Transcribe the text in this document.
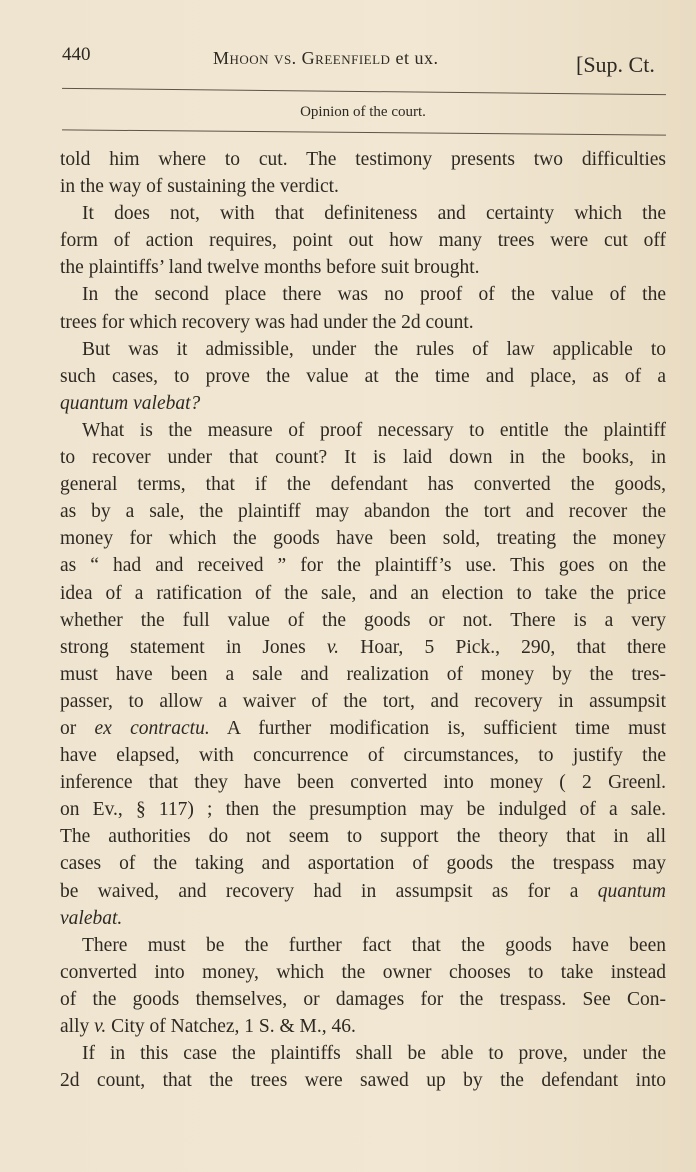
440	Mhoon vs. Greenfield et ux.	[Sup. Ct.
Opinion of the court.
told him where to cut. The testimony presents two difficulties
in the way of sustaining the verdict.
It does not, with that definiteness and certainty which the
form of action requires, point out how many trees were cut off
the plaintiffs’ land twelve months before suit brought.
In the second place there was no proof of the value of the
trees for which recovery was had under the 2d count.
But was it admissible, under the rules of law applicable to
such cases, to prove the value at the time and place, as of a
quantum valebat?
What is the measure of proof necessary to entitle the plaintiff
to recover under that count? It is laid down in the books, in
general terms, that if the defendant has converted the goods,
as by a sale, the plaintiff may abandon the tort and recover the
money for which the goods have been sold, treating the money
as “ had and received ” for the plaintiff’s use. This goes on the
idea of a ratification of the sale, and an election to take the price
whether the full value of the goods or not. There is a very
strong statement in Jones v. Hoar, 5 Pick., 290, that there
must have been a sale and realization of money by the tres-
passer, to allow a waiver of the tort, and recovery in assumpsit
or ex contractu. A further modification is, sufficient time must
have elapsed, with concurrence of circumstances, to justify the
inference that they have been converted into money ( 2 Greenl.
on Ev., § 117) ; then the presumption may be indulged of a sale.
The authorities do not seem to support the theory that in all
cases of the taking and asportation of goods the trespass may
be waived, and recovery had in assumpsit as for a quantum
valebat.
There must be the further fact that the goods have been
converted into money, which the owner chooses to take instead
of the goods themselves, or damages for the trespass. See Con-
ally v. City of Natchez, 1 S. & M., 46.
If in this case the plaintiffs shall be able to prove, under the
2d count, that the trees were sawed up by the defendant into
